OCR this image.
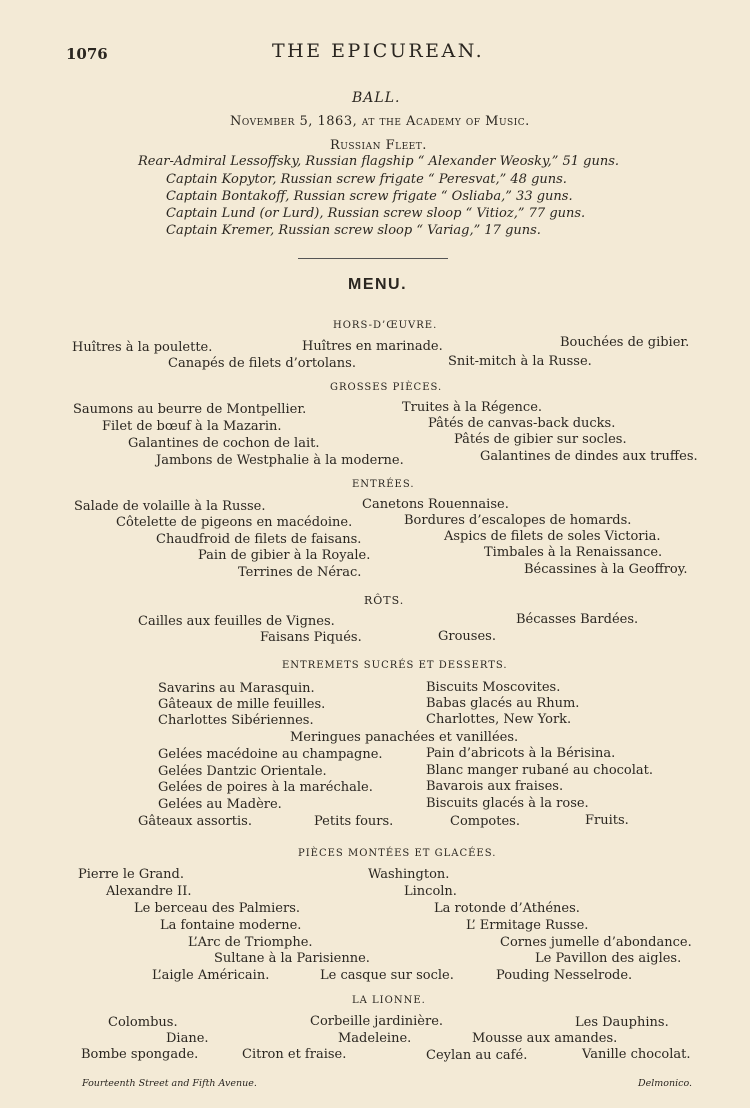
1076	THE EPICUREAN.
BALL.
November 5, 1863, at the Academy of Music.
Russian Fleet.
Rear-Admiral Lessoffsky, Russian flagship “ Alexander Weosky,” 51 guns.
Captain Kopytor, Russian screw frigate “ Peresvat,” 48 guns.
Captain Bontakoff, Russian screw frigate “ Osliaba,” 33 guns.
Captain Lund (or Lurd), Russian screw sloop “ Vitioz,” 77 guns.
Captain Kremer, Russian screw sloop “ Variag,” 17 guns.
MENU.
HORS-D’ŒUVRE.
Huîtres à la poulette.	Huîtres en marinade.	Bouchées de gibier.
Canapés de filets d’ortolans.	Snit-mitch à la Russe.
GROSSES PIÈCES.
Saumons au beurre de Montpellier.
Filet de bœuf à la Mazarin.
Galantines de cochon de lait.
Jambons de Westphalie à la moderne.
Truites à la Régence.
Pâtés de canvas-back ducks.
Pâtés de gibier sur socles.
Galantines de dindes aux truffes.
ENTRÉES.
Salade de volaille à la Russe.
Côtelette de pigeons en macédoine.
Chaudfroid de filets de faisans.
Pain de gibier à la Royale.
Terrines de Nérac.
Canetons Rouennaise.
Bordures d’escalopes de homards.
Aspics de filets de soles Victoria.
Timbales à la Renaissance.
Bécassines à la Geoffroy.
RÔTS.
Cailles aux feuilles de Vignes.	Bécasses Bardées.
Faisans Piqués.	Grouses.
ENTREMETS SUCRÉS ET DESSERTS.
Savarins au Marasquin.
Gâteaux de mille feuilles.
Charlottes Sibériennes.
Biscuits Moscovites.
Babas glacés au Rhum.
Charlottes, New York.
Meringues panachées et vanillées.
Gelées macédoine au champagne.
Gelées Dantzic Orientale.
Gelées de poires à la maréchale.
Gelées au Madère.
Pain d’abricots à la Bérisina.
Blanc manger rubané au chocolat.
Bavarois aux fraises.
Biscuits glacés à la rose.
Gâteaux assortis.	Petits fours.	Compotes.	Fruits.
PIÈCES MONTÉES ET GLACÉES.
Pierre le Grand.
Alexandre II.
Le berceau des Palmiers.
La fontaine moderne.
L’Arc de Triomphe.
Sultane à la Parisienne.
L’aigle Américain.	Le casque sur socle.
Washington.
Lincoln.
La rotonde d’Athénes.
L’ Ermitage Russe.
Cornes jumelle d’abondance.
Le Pavillon des aigles.
Pouding Nesselrode.
LA LIONNE.
Colombus.	Corbeille jardinière.	Les Dauphins.
Diane.	Madeleine.	Mousse aux amandes.
Bombe spongade.	Citron et fraise.	Ceylan au café.	Vanille chocolat.
Fourteenth Street and Fifth Avenue.	Delmonico.
